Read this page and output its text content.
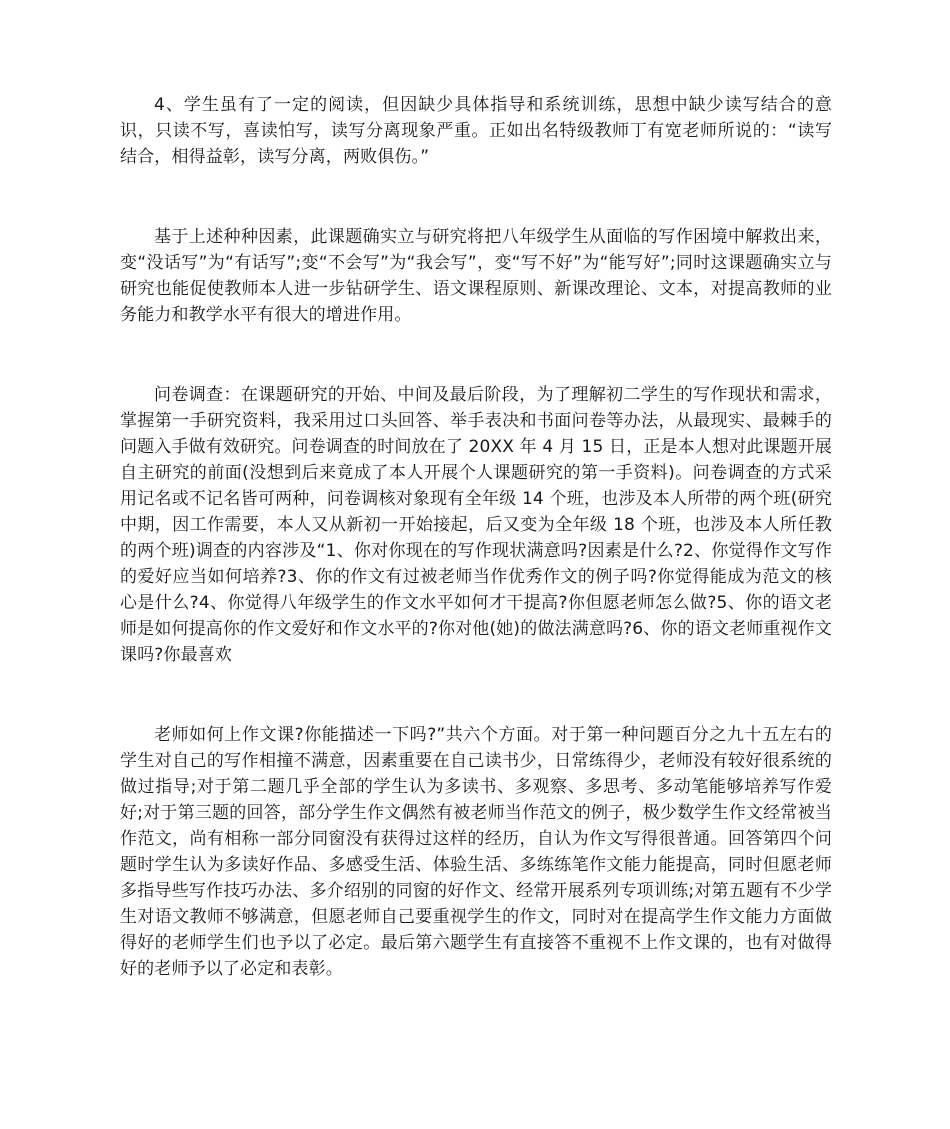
4、学生虽有了一定的阅读，但因缺少具体指导和系统训练，思想中缺少读写结合的意识，只读不写，喜读怕写，读写分离现象严重。正如出名特级教师丁有宽老师所说的：“读写结合，相得益彰，读写分离，两败俱伤。”

基于上述种种因素，此课题确实立与研究将把八年级学生从面临的写作困境中解救出来，变“没话写”为“有话写”;变“不会写”为“我会写”，变“写不好”为“能写好”;同时这课题确实立与研究也能促使教师本人进一步钻研学生、语文课程原则、新课改理论、文本，对提高教师的业务能力和教学水平有很大的增进作用。

问卷调查：在课题研究的开始、中间及最后阶段，为了理解初二学生的写作现状和需求，掌握第一手研究资料，我采用过口头回答、举手表决和书面问卷等办法，从最现实、最棘手的问题入手做有效研究。问卷调查的时间放在了 20XX 年 4 月 15 日，正是本人想对此课题开展自主研究的前面(没想到后来竟成了本人开展个人课题研究的第一手资料)。问卷调查的方式采用记名或不记名皆可两种，问卷调核对象现有全年级 14 个班，也涉及本人所带的两个班(研究中期，因工作需要，本人又从新初一开始接起，后又变为全年级 18 个班，也涉及本人所任教的两个班)调查的内容涉及“1、你对你现在的写作现状满意吗?因素是什么?2、你觉得作文写作的爱好应当如何培养?3、你的作文有过被老师当作优秀作文的例子吗?你觉得能成为范文的核心是什么?4、你觉得八年级学生的作文水平如何才干提高?你但愿老师怎么做?5、你的语文老师是如何提高你的作文爱好和作文水平的?你对他(她)的做法满意吗?6、你的语文老师重视作文课吗?你最喜欢

老师如何上作文课?你能描述一下吗?”共六个方面。对于第一种问题百分之九十五左右的学生对自己的写作相撞不满意，因素重要在自己读书少，日常练得少，老师没有较好很系统的做过指导;对于第二题几乎全部的学生认为多读书、多观察、多思考、多动笔能够培养写作爱好;对于第三题的回答，部分学生作文偶然有被老师当作范文的例子，极少数学生作文经常被当作范文，尚有相称一部分同窗没有获得过这样的经历，自认为作文写得很普通。回答第四个问题时学生认为多读好作品、多感受生活、体验生活、多练练笔作文能力能提高，同时但愿老师多指导些写作技巧办法、多介绍别的同窗的好作文、经常开展系列专项训练;对第五题有不少学生对语文教师不够满意，但愿老师自己要重视学生的作文，同时对在提高学生作文能力方面做得好的老师学生们也予以了必定。最后第六题学生有直接答不重视不上作文课的，也有对做得好的老师予以了必定和表彰。
